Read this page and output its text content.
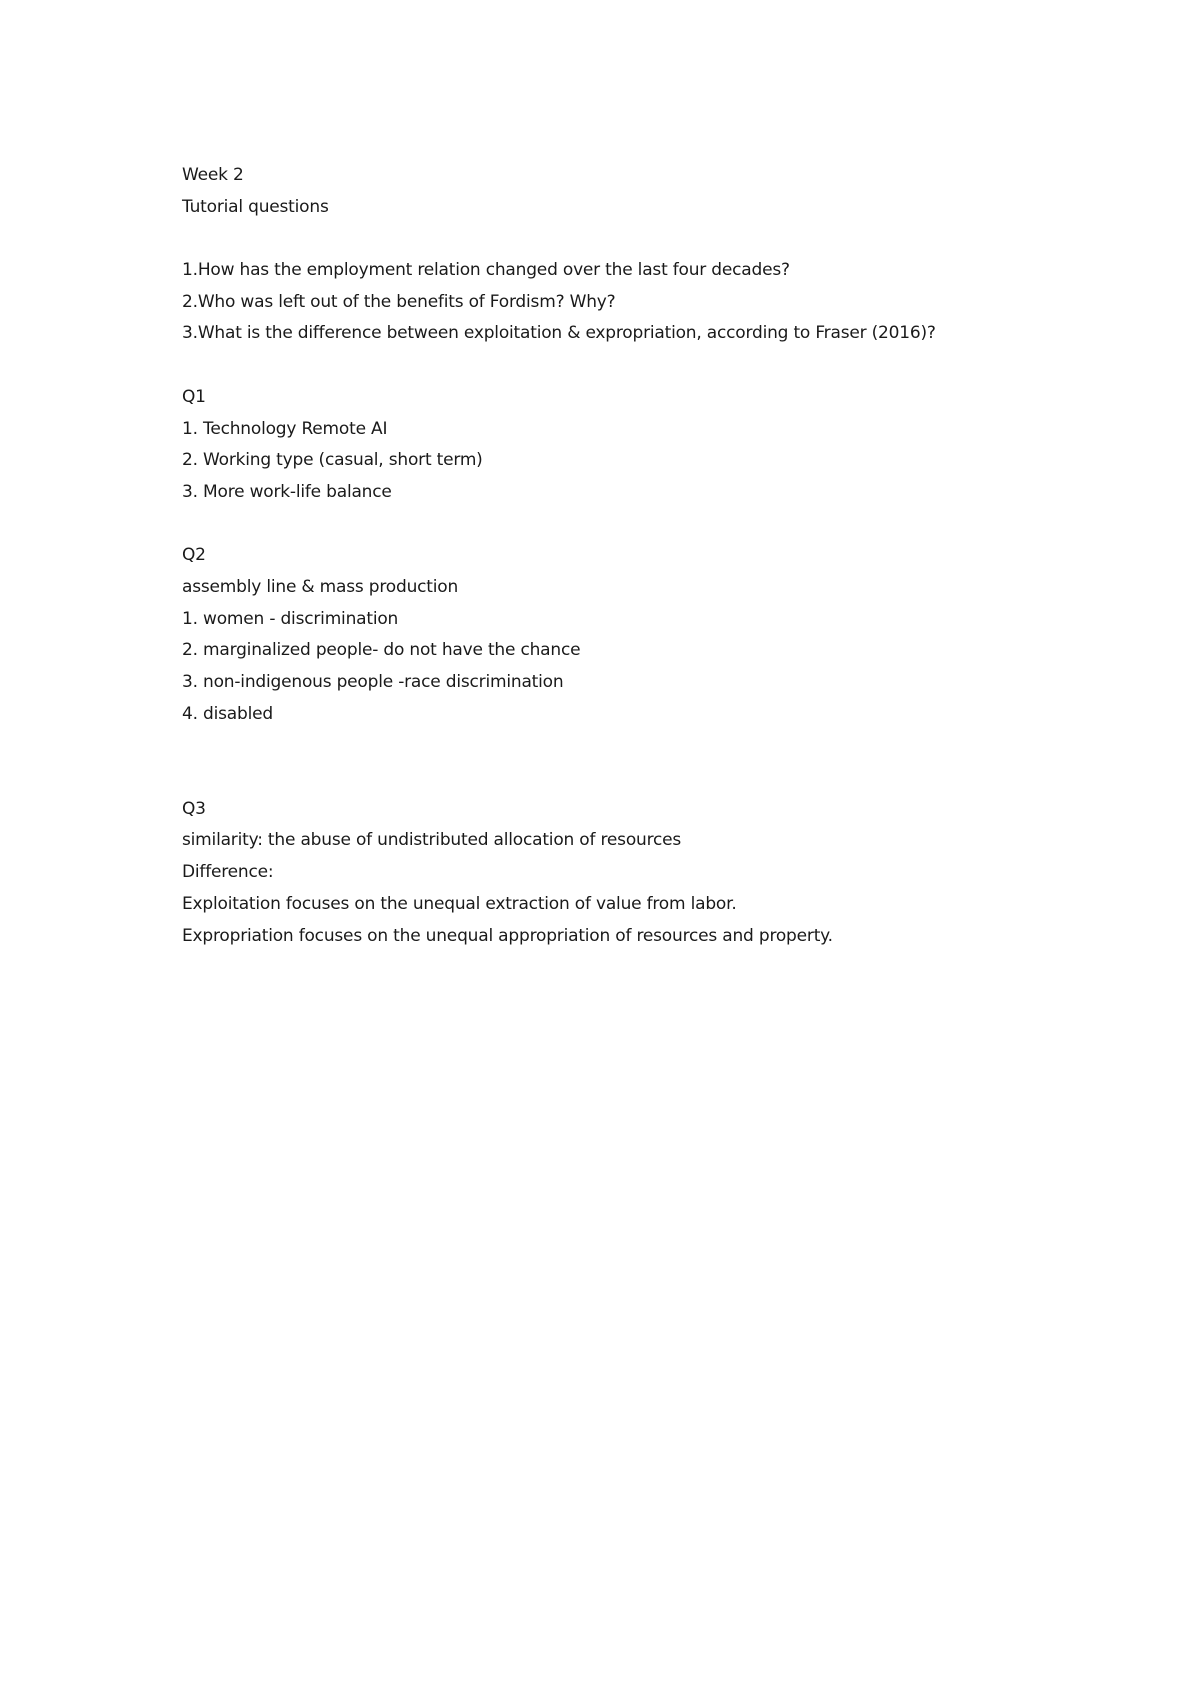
Week 2
Tutorial questions
1.How has the employment relation changed over the last four decades?
2.Who was left out of the benefits of Fordism? Why?
3.What is the difference between exploitation & expropriation, according to Fraser (2016)?
Q1
1. Technology Remote AI
2. Working type (casual, short term)
3. More work-life balance
Q2
assembly line & mass production
1. women - discrimination
2. marginalized people- do not have the chance
3. non-indigenous people -race discrimination
4. disabled
Q3
similarity: the abuse of undistributed allocation of resources
Difference:
Exploitation focuses on the unequal extraction of value from labor.
Expropriation focuses on the unequal appropriation of resources and property.
